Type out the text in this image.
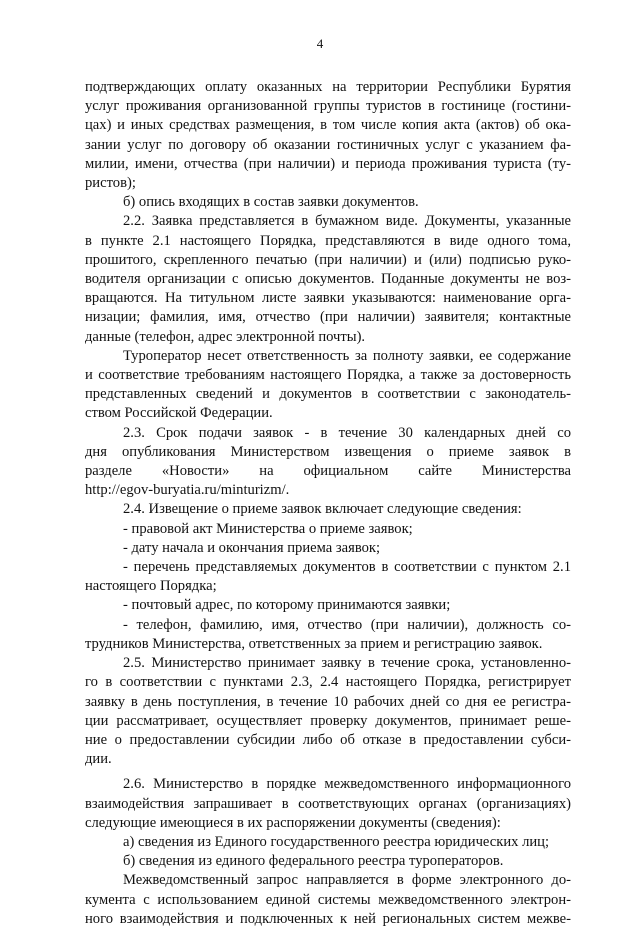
4
подтверждающих оплату оказанных на территории Республики Бурятия
услуг проживания организованной группы туристов в гостинице (гостини-
цах) и иных средствах размещения, в том числе копия акта (актов) об ока-
зании услуг по договору об оказании гостиничных услуг с указанием фа-
милии, имени, отчества (при наличии) и периода проживания туриста (ту-
ристов);
б) опись входящих в состав заявки документов.
2.2. Заявка представляется в бумажном виде. Документы, указанные
в пункте 2.1 настоящего Порядка, представляются в виде одного тома,
прошитого, скрепленного печатью (при наличии) и (или) подписью руко-
водителя организации с описью документов. Поданные документы не воз-
вращаются. На титульном листе заявки указываются: наименование орга-
низации; фамилия, имя, отчество (при наличии) заявителя; контактные
данные (телефон, адрес электронной почты).
Туроператор несет ответственность за полноту заявки, ее содержание
и соответствие требованиям настоящего Порядка, а также за достоверность
представленных сведений и документов в соответствии с законодатель-
ством Российской Федерации.
2.3. Срок подачи заявок - в течение 30 календарных дней со
дня опубликования Министерством извещения о приеме заявок в
разделе «Новости» на официальном сайте Министерства
http://egov-buryatia.ru/minturizm/.
2.4. Извещение о приеме заявок включает следующие сведения:
- правовой акт Министерства о приеме заявок;
- дату начала и окончания приема заявок;
- перечень представляемых документов в соответствии с пунктом 2.1
настоящего Порядка;
- почтовый адрес, по которому принимаются заявки;
- телефон, фамилию, имя, отчество (при наличии), должность со-
трудников Министерства, ответственных за прием и регистрацию заявок.
2.5. Министерство принимает заявку в течение срока, установленно-
го в соответствии с пунктами 2.3, 2.4 настоящего Порядка, регистрирует
заявку в день поступления, в течение 10 рабочих дней со дня ее регистра-
ции рассматривает, осуществляет проверку документов, принимает реше-
ние о предоставлении субсидии либо об отказе в предоставлении субси-
дии.
2.6. Министерство в порядке межведомственного информационного
взаимодействия запрашивает в соответствующих органах (организациях)
следующие имеющиеся в их распоряжении документы (сведения):
а) сведения из Единого государственного реестра юридических лиц;
б) сведения из единого федерального реестра туроператоров.
Межведомственный запрос направляется в форме электронного до-
кумента с использованием единой системы межведомственного электрон-
ного взаимодействия и подключенных к ней региональных систем межве-
